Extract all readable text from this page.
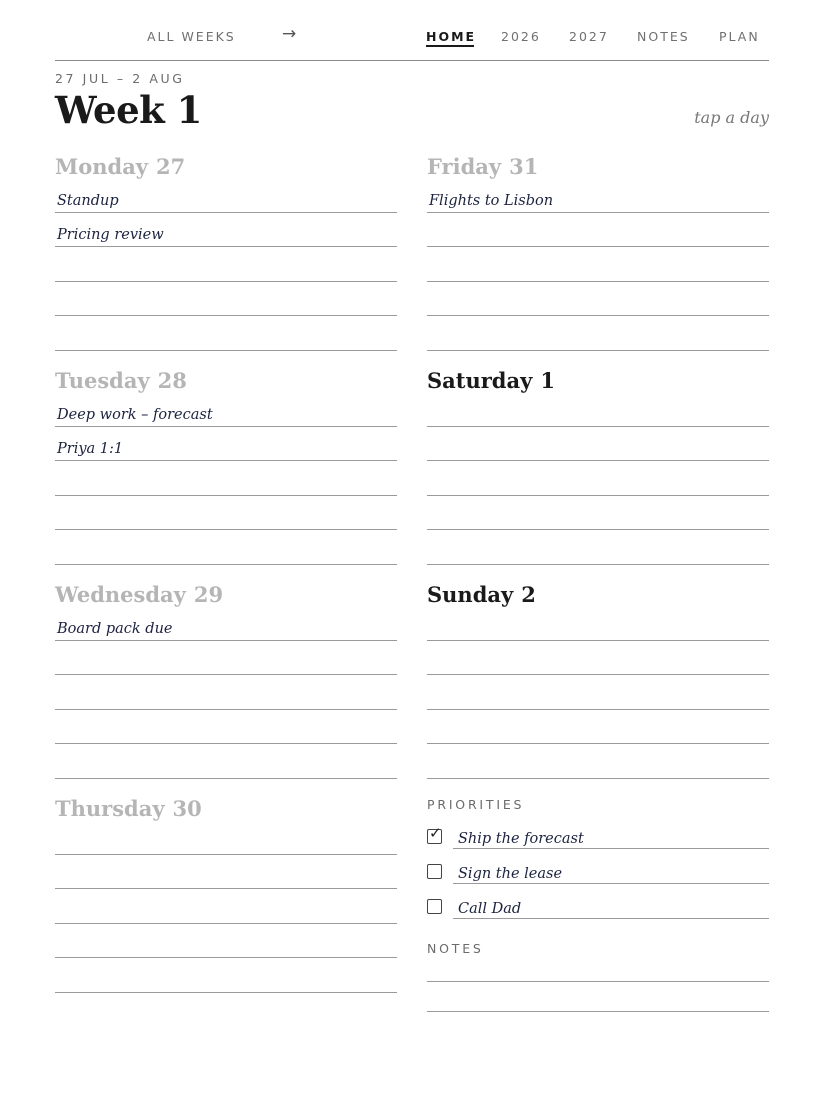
ALL WEEKS	→	HOME 2026 2027 NOTES PLAN
27 JUL – 2 AUG
Week 1	tap a day
Monday 27
Standup
Pricing review
Tuesday 28
Deep work – forecast
Priya 1:1
Wednesday 29
Board pack due
Thursday 30
Friday 31
Flights to Lisbon
Saturday 1
Sunday 2
PRIORITIES
✓ Ship the forecast
Sign the lease
Call Dad
NOTES
